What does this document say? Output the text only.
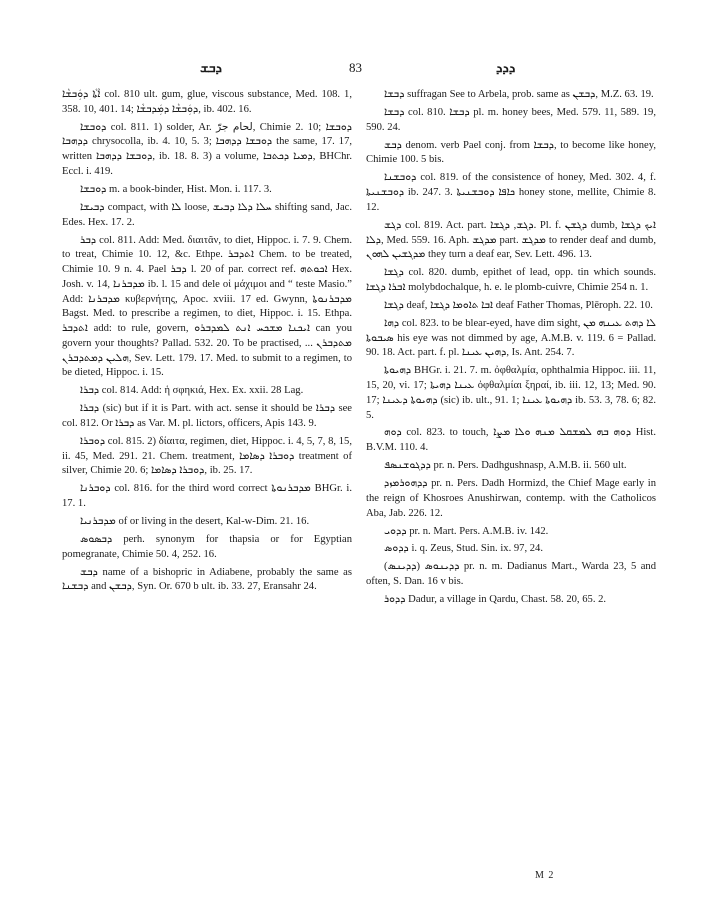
ܕܒܫ	83	ܕܕܕ

ܐܵܬܵܐ ܕܘܲܒܫܵܐ col. 810 ult. gum, glue, viscous substance, Med. 108. 1, 358. 10, 401. 14; ܕܘܲܒܫܵܐ ܕܡܲܕܒܫܵܐ, ib. 402. 16.

ܕܘܒܫܐ col. 811. 1) solder, Ar. لحام جرّ, Chimie 2. 10; ܕܘܒܫܐ ܕܕܗܒܐ chrysocolla, ib. 4. 10, 5. 3; ܕܘܒܫܐ ܕܕܗܒܐ the same, 17. 17, written ܕܘܒܫܐ ܕܕܗܒܐ, ib. 18. 8. 3) a volume, ܕܡܝܐ ܕܟܬܒܐ, BHChr. Eccl. i. 419.

ܕܘܒܫܐ m. a book-binder, Hist. Mon. i. 117. 3.

ܕܒܝܫܐ compact, with ܠܐ loose, ܚܠܐ ܕܠܐ ܕܒܝܫ shifting sand, Jac. Edes. Hex. 17. 2.

ܕܒܪ col. 811. Add: Med. διαιτᾶν, to diet, Hippoc. i. 7. 9. Chem. to treat, Chimie 10. 12, &c. Ethpe. ܐܬܕܒܪ Chem. to be treated, Chimie 10. 9 n. 4. Pael ܕܒܪ l. 20 of par. correct ref. ܐܟܘܬܗ Hex. Josh. v. 14, ܡܕܒܪܢܐ ib. l. 15 and dele οἱ μάχιμοι and “ teste Masio.” Add: ܡܕܒܪܢܐ κυβερνήτης, Apoc. xviii. 17 ed. Gwynn, ܡܕܒܪܢܘܬܐ Bagst. Med. to prescribe a regimen, to diet, Hippoc. i. 15. Ethpa. ܐܬܕܒܪ add: to rule, govern, ܐܝܟܢܐ ܡܫܟܚ ܐܢܬ ܠܡܕܒܪܘ can you govern your thoughts? Pallad. 532. 20. To be practised, ܡܬܕܒܪܢ ... ܗܠܝܢ ܕܡܬܕܒܪܢ, Sev. Lett. 179. 17. Med. to submit to a regimen, to be dieted, Hippoc. i. 15.

ܕܒܪܐ col. 814. Add: ἡ σφηκιά, Hex. Ex. xxii. 28 Lag.

ܕܒܪܐ (sic) but if it is Part. with act. sense it should be ܕܒܪܐ see col. 812. Or ܕܒܪܐ as Var. M. pl. lictors, officers, Apis 143. 9.

ܕܘܒܪܐ col. 815. 2) δίαιτα, regimen, diet, Hippoc. i. 4, 5, 7, 8, 15, ii. 45, Med. 291. 21. Chem. treatment, ܕܘܒܪܐ ܕܣܐܡܐ treatment of silver, Chimie 20. 6; ܕܘܒܪܐ ܕܣܐܡܐ, ib. 25. 17.

ܕܘܒܪܢܐ col. 816. for the third word correct ܡܕܒܪܢܘܬܐ BHGr. i. 17. 1.

ܡܕܒܪܢܝܐ of or living in the desert, Kal-w-Dim. 21. 16.

ܕܒܣܘܣ perh. synonym for thapsia or for Egyptian pomegranate, Chimie 50. 4, 252. 16.

ܕܒܫ name of a bishopric in Adiabene, probably the same as ܕܒܫܢܐ and ܕܒܫܢ, Syn. Or. 670 b ult. ib. 33. 27, Eransahr 24.

ܕܒܫܐ suffragan See to Arbela, prob. same as ܕܒܫܢ, M.Z. 63. 19.

ܕܒܫܐ col. 810. ܕܒܫܐ pl. m. honey bees, Med. 579. 11, 589. 19, 590. 24.

ܕܒܫ denom. verb Pael conj. from ܕܒܫܐ, to become like honey, Chimie 100. 5 bis.

ܕܘܒܫܢܐ col. 819. of the consistence of honey, Med. 302. 4, f. ܕܘܒܫܢܝܬܐ ib. 247. 3. ܟܐܦܐ ܕܘܒܫܢܝܬܐ honey stone, mellite, Chimie 8. 12.

ܕܓܫ col. 819. Act. part. ܕܓܫ, ܕܓܫܐ. Pl. f. ܕܓܫܢ dumb, ܐܝܟ ܕܓܫܐ ܕܠܐ, Med. 559. 16. Aph. ܡܕܓܫ part. ܡܕܓܫ to render deaf and dumb, ܡܕܓܫܝܢ ܠܗܘܢ they turn a deaf ear, Sev. Lett. 496. 13.

ܕܓܫܐ col. 820. dumb, epithet of lead, opp. tin which sounds. ܐܒܪܐ ܕܓܫܐ molybdochalque, h. e. le plomb-cuivre, Chimie 254 n. 1.

ܕܓܫܐ deaf, ܐܒܐ ܬܐܘܡܐ ܕܓܫܐ deaf Father Thomas, Plēroph. 22. 10.

ܕܗܐ col. 823. to be blear-eyed, have dim sight, ܠܐ ܕܗܬ ܥܝܢܗ ܡܢ ܣܝܒܘܬܐ his eye was not dimmed by age, A.M.B. v. 119. 6 = Pallad. 90. 18. Act. part. f. pl. ܕܗܝܢ ܥܝܢܐ, Is. Ant. 254. 7.

ܕܗܝܘܬܐ BHGr. i. 21. 7. m. ὀφθαλμία, ophthalmia Hippoc. iii. 11, 15, 20, vi. 17; ܥܝܢܐ ܕܗܝܬܐ ὀφθαλμίαι ξηραί, ib. iii. 12, 13; Med. 90. 17; ܕܗܝܘܬܐ ܕܥܝܢܐ (sic) ib. ult., 91. 1; ܕܗܝܘܬܐ ܥܝܢܐ ib. 53. 3, 78. 6; 82. 5.

ܕܘܗ col. 823. to touch, ܕܘܗ ܒܗ ܠܡܫܩܠ ܡܢܗ ܘܠܐ ܡܨܐ Hist. B.V.M. 110. 4.

ܕܕܓܘܫܢܣܦ pr. n. Pers. Dadhgushnasp, A.M.B. ii. 560 ult.

ܕܕܗܘܪܡܙܕ pr. n. Pers. Dadh Hormizd, the Chief Mage early in the reign of Khosroes Anushirwan, contemp. with the Catholicos Aba, Jab. 226. 12.

ܕܕܘܝ pr. n. Mart. Pers. A.M.B. iv. 142.

ܕܕܘܣ i. q. Zeus, Stud. Sin. ix. 97, 24.

ܕܕܝܢܘܣ (ܕܕܝܢܣ) pr. n. m. Dadianus Mart., Warda 23, 5 and often, S. Dan. 16 v bis.

ܕܕܘܪ Dadur, a village in Qardu, Chast. 58. 20, 65. 2.

M 2
